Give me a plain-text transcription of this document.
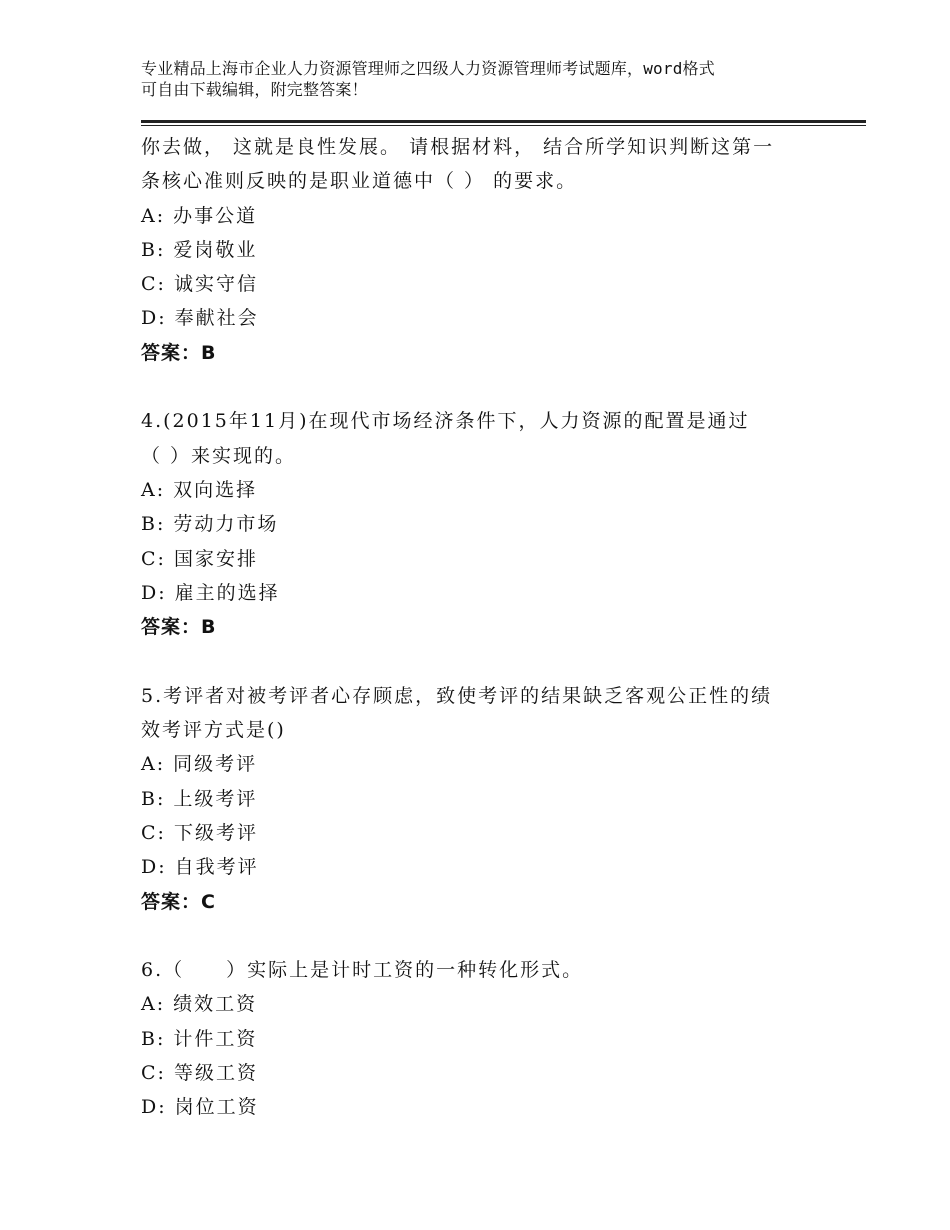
专业精品上海市企业人力资源管理师之四级人力资源管理师考试题库，word格式
可自由下载编辑，附完整答案！
你去做， 这就是良性发展。 请根据材料， 结合所学知识判断这第一
条核心准则反映的是职业道德中（ ） 的要求。
A: 办事公道
B: 爱岗敬业
C: 诚实守信
D: 奉献社会
答案：B
4.(2015年11月)在现代市场经济条件下，人力资源的配置是通过
（ ）来实现的。
A: 双向选择
B: 劳动力市场
C: 国家安排
D: 雇主的选择
答案：B
5.考评者对被考评者心存顾虑，致使考评的结果缺乏客观公正性的绩
效考评方式是()
A: 同级考评
B: 上级考评
C: 下级考评
D: 自我考评
答案：C
6.（　　）实际上是计时工资的一种转化形式。
A: 绩效工资
B: 计件工资
C: 等级工资
D: 岗位工资
